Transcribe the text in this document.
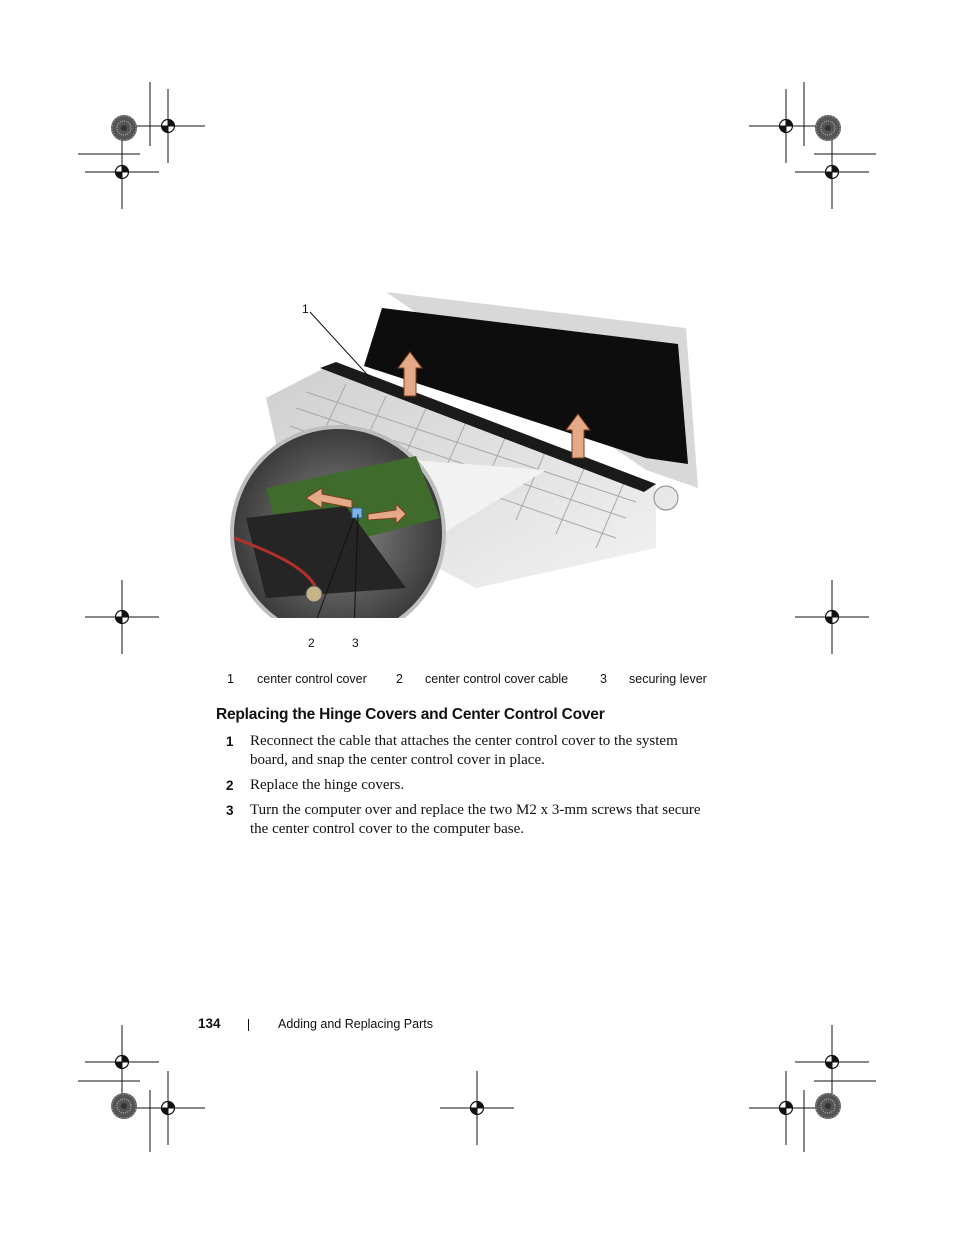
1
2	3
1 center control cover 2 center control cover cable	3 securing lever
Replacing the Hinge Covers and Center Control Cover
1 Reconnect the cable that attaches the center control cover to the system
board, and snap the center control cover in place.
2 Replace the hinge covers.
3 Turn the computer over and replace the two M2 x 3-mm screws that secure
the center control cover to the computer base.
134	Adding and Replacing Parts
